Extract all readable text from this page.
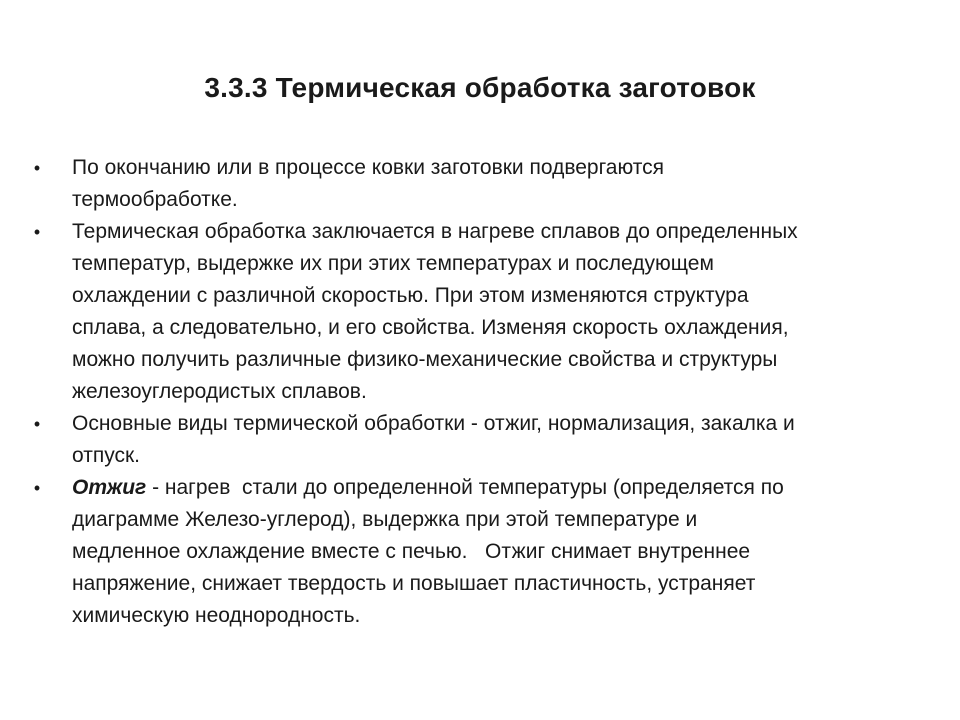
3.3.3 Термическая обработка заготовок
• По окончанию или в процессе ковки заготовки подвергаются
термообработке.
• Термическая обработка заключается в нагреве сплавов до определенных
температур, выдержке их при этих температурах и последующем
охлаждении с различной скоростью. При этом изменяются структура
сплава, а следовательно, и его свойства. Изменяя скорость охлаждения,
можно получить различные физико-механические свойства и структуры
железоуглеродистых сплавов.
• Основные виды термической обработки - отжиг, нормализация, закалка и
отпуск.
• Отжиг - нагрев  стали до определенной температуры (определяется по
диаграмме Железо-углерод), выдержка при этой температуре и
медленное охлаждение вместе с печью.   Отжиг снимает внутреннее
напряжение, снижает твердость и повышает пластичность, устраняет
химическую неоднородность.
